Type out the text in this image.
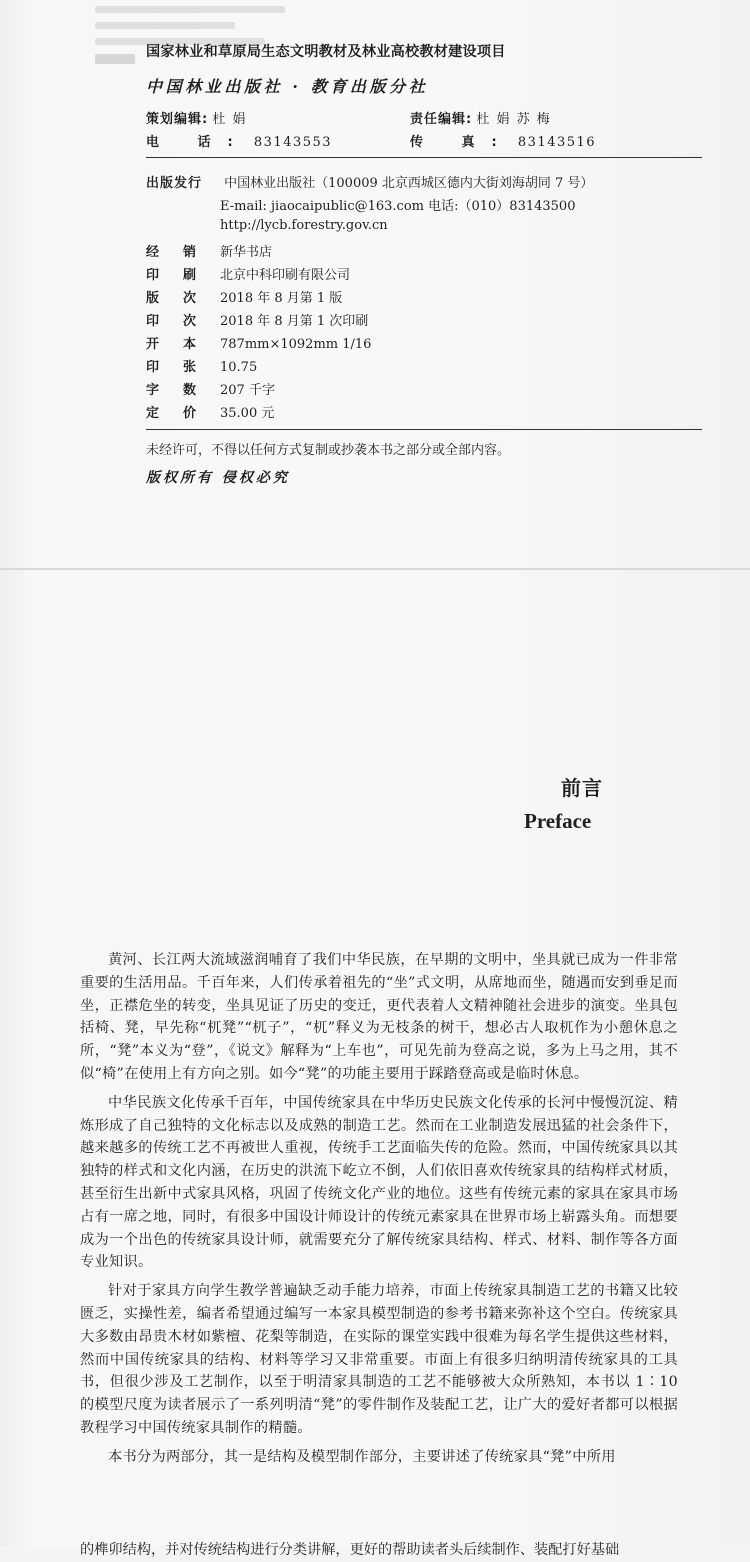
国家林业和草原局生态文明教材及林业高校教材建设项目
中国林业出版社 · 教育出版分社
策划编辑: 杜 娟	责任编辑: 杜 娟 苏 梅
电 话: 83143553	传 真: 83143516
出版发行 中国林业出版社（100009 北京西城区德内大街刘海胡同 7 号）
E-mail: jiaocaipublic@163.com 电话:（010）83143500
http://lycb.forestry.gov.cn
经销新华书店
印刷北京中科印刷有限公司
版次2018 年 8 月第 1 版
印次2018 年 8 月第 1 次印刷
开本787mm×1092mm 1/16
印张10.75
字数207 千字
定价35.00 元
未经许可，不得以任何方式复制或抄袭本书之部分或全部内容。
版权所有 侵权必究
前言
Preface

黄河、长江两大流域滋润哺育了我们中华民族，在早期的文明中，坐具就已成为一件非常重要的生活用品。千百年来，人们传承着祖先的“坐”式文明，从席地而坐，随遇而安到垂足而坐，正襟危坐的转变，坐具见证了历史的变迁，更代表着人文精神随社会进步的演变。坐具包括椅、凳，早先称“杌凳”“杌子”，“杌”释义为无枝条的树干，想必古人取杌作为小憩休息之所，“凳”本义为“登”，《说文》解释为“上车也”，可见先前为登高之说，多为上马之用，其不似“椅”在使用上有方向之别。如今“凳”的功能主要用于踩踏登高或是临时休息。

中华民族文化传承千百年，中国传统家具在中华历史民族文化传承的长河中慢慢沉淀、精炼形成了自己独特的文化标志以及成熟的制造工艺。然而在工业制造发展迅猛的社会条件下，越来越多的传统工艺不再被世人重视，传统手工艺面临失传的危险。然而，中国传统家具以其独特的样式和文化内涵，在历史的洪流下屹立不倒，人们依旧喜欢传统家具的结构样式材质，甚至衍生出新中式家具风格，巩固了传统文化产业的地位。这些有传统元素的家具在家具市场占有一席之地，同时，有很多中国设计师设计的传统元素家具在世界市场上崭露头角。而想要成为一个出色的传统家具设计师，就需要充分了解传统家具结构、样式、材料、制作等各方面专业知识。

针对于家具方向学生教学普遍缺乏动手能力培养，市面上传统家具制造工艺的书籍又比较匮乏，实操性差，编者希望通过编写一本家具模型制造的参考书籍来弥补这个空白。传统家具大多数由昂贵木材如紫檀、花梨等制造，在实际的课堂实践中很难为每名学生提供这些材料，然而中国传统家具的结构、材料等学习又非常重要。市面上有很多归纳明清传统家具的工具书，但很少涉及工艺制作，以至于明清家具制造的工艺不能够被大众所熟知，本书以 1∶10 的模型尺度为读者展示了一系列明清“凳”的零件制作及装配工艺，让广大的爱好者都可以根据教程学习中国传统家具制作的精髓。

本书分为两部分，其一是结构及模型制作部分，主要讲述了传统家具“凳”中所用

的榫卯结构，并对传统结构进行分类讲解，更好的帮助读者头后续制作、装配打好基础
